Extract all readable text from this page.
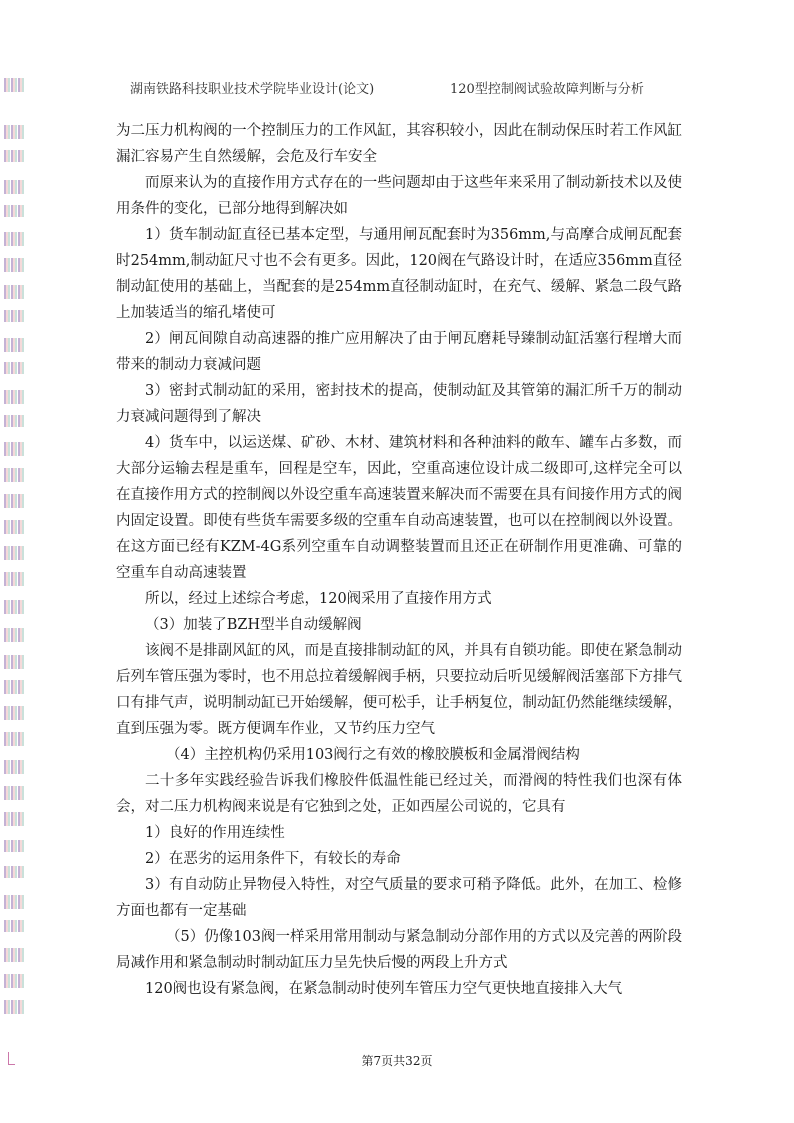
湖南铁路科技职业技术学院毕业设计(论文)	120型控制阀试验故障判断与分析

为二压力机构阀的一个控制压力的工作风缸，其容积较小，因此在制动保压时若工作风缸漏汇容易产生自然缓解，会危及行车安全

而原来认为的直接作用方式存在的一些问题却由于这些年来采用了制动新技术以及使用条件的变化，已部分地得到解决如

1）货车制动缸直径已基本定型，与通用闸瓦配套时为356mm,与高摩合成闸瓦配套时254mm,制动缸尺寸也不会有更多。因此，120阀在气路设计时，在适应356mm直径制动缸使用的基础上，当配套的是254mm直径制动缸时，在充气、缓解、紧急二段气路上加装适当的缩孔堵使可

2）闸瓦间隙自动高速器的推广应用解决了由于闸瓦磨耗导臻制动缸活塞行程增大而带来的制动力衰减问题

3）密封式制动缸的采用，密封技术的提高，使制动缸及其管第的漏汇所千万的制动力衰减问题得到了解决

4）货车中，以运送煤、矿砂、木材、建筑材料和各种油料的敞车、罐车占多数，而大部分运输去程是重车，回程是空车，因此，空重高速位设计成二级即可,这样完全可以在直接作用方式的控制阀以外设空重车高速装置来解决而不需要在具有间接作用方式的阀内固定设置。即使有些货车需要多级的空重车自动高速装置，也可以在控制阀以外设置。在这方面已经有KZM-4G系列空重车自动调整装置而且还正在研制作用更准确、可靠的空重车自动高速装置

所以，经过上述综合考虑，120阀采用了直接作用方式

（3）加装了BZH型半自动缓解阀

该阀不是排副风缸的风，而是直接排制动缸的风，并具有自锁功能。即使在紧急制动后列车管压强为零时，也不用总拉着缓解阀手柄，只要拉动后听见缓解阀活塞部下方排气口有排气声，说明制动缸已开始缓解，便可松手，让手柄复位，制动缸仍然能继续缓解，直到压强为零。既方便调车作业，又节约压力空气

（4）主控机构仍采用103阀行之有效的橡胶膜板和金属滑阀结构

二十多年实践经验告诉我们橡胶件低温性能已经过关，而滑阀的特性我们也深有体会，对二压力机构阀来说是有它独到之处，正如西屋公司说的，它具有

1）良好的作用连续性

2）在恶劣的运用条件下，有较长的寿命

3）有自动防止异物侵入特性，对空气质量的要求可稍予降低。此外，在加工、检修方面也都有一定基础

（5）仍像103阀一样采用常用制动与紧急制动分部作用的方式以及完善的两阶段局减作用和紧急制动时制动缸压力呈先快后慢的两段上升方式

120阀也设有紧急阀，在紧急制动时使列车管压力空气更快地直接排入大气

第7页共32页
